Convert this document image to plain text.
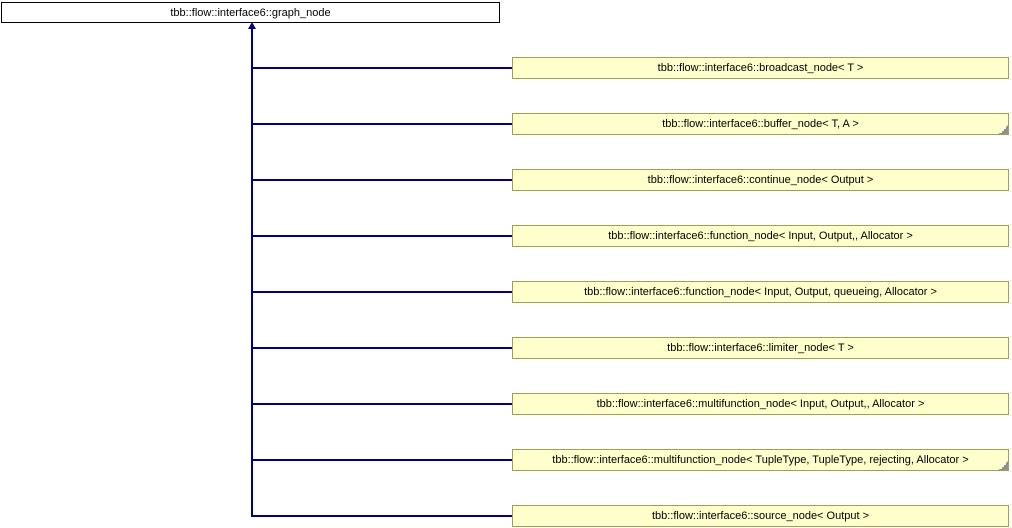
tbb::flow::interface6::graph_node
tbb::flow::interface6::broadcast_node< T >
tbb::flow::interface6::buffer_node< T, A >
tbb::flow::interface6::continue_node< Output >
tbb::flow::interface6::function_node< Input, Output,, Allocator >
tbb::flow::interface6::function_node< Input, Output, queueing, Allocator >
tbb::flow::interface6::limiter_node< T >
tbb::flow::interface6::multifunction_node< Input, Output,, Allocator >
tbb::flow::interface6::multifunction_node< TupleType, TupleType, rejecting, Allocator >
tbb::flow::interface6::source_node< Output >
